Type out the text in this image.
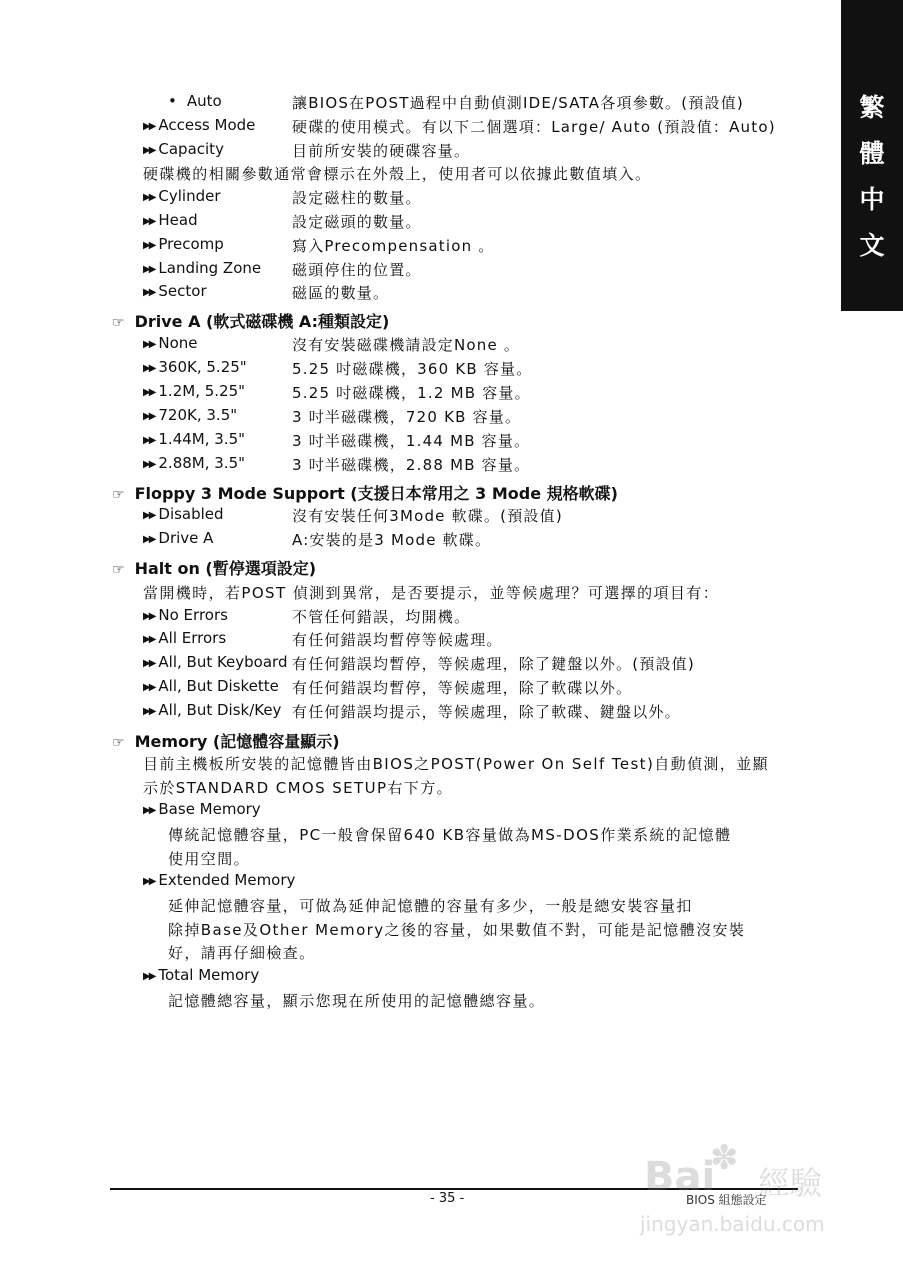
繁
體
中
文
• Auto	讓BIOS在POST過程中自動偵測IDE/SATA各項參數。(預設值)
▶▶ Access Mode 硬碟的使用模式。有以下二個選項：Large/ Auto (預設值：Auto)
▶▶ Capacity	目前所安裝的硬碟容量。
硬碟機的相關參數通常會標示在外殼上，使用者可以依據此數值填入。
▶▶ Cylinder	設定磁柱的數量。
▶▶ Head	設定磁頭的數量。
▶▶ Precomp	寫入Precompensation 。
▶▶ Landing Zone 磁頭停住的位置。
▶▶ Sector	磁區的數量。
☞ Drive A (軟式磁碟機 A:種類設定)
▶▶ None	沒有安裝磁碟機請設定None 。
▶▶ 360K, 5.25"	5.25 吋磁碟機，360 KB 容量。
▶▶ 1.2M, 5.25"	5.25 吋磁碟機，1.2 MB 容量。
▶▶ 720K, 3.5"	3 吋半磁碟機，720 KB 容量。
▶▶ 1.44M, 3.5"	3 吋半磁碟機，1.44 MB 容量。
▶▶ 2.88M, 3.5"	3 吋半磁碟機，2.88 MB 容量。
☞ Floppy 3 Mode Support (支援日本常用之 3 Mode 規格軟碟)
▶▶ Disabled	沒有安裝任何3Mode 軟碟。(預設值)
▶▶ Drive A	A:安裝的是3 Mode 軟碟。
☞ Halt on (暫停選項設定)
當開機時，若POST 偵測到異常，是否要提示，並等候處理？可選擇的項目有：
▶▶ No Errors	不管任何錯誤，均開機。
▶▶ All Errors	有任何錯誤均暫停等候處理。
▶▶ All, But Keyboard 有任何錯誤均暫停，等候處理，除了鍵盤以外。(預設值)
▶▶ All, But Diskette 有任何錯誤均暫停，等候處理，除了軟碟以外。
▶▶ All, But Disk/Key 有任何錯誤均提示，等候處理，除了軟碟、鍵盤以外。
☞ Memory (記憶體容量顯示)
目前主機板所安裝的記憶體皆由BIOS之POST(Power On Self Test)自動偵測，並顯
示於STANDARD CMOS SETUP右下方。
▶▶ Base Memory
傳統記憶體容量，PC一般會保留640 KB容量做為MS-DOS作業系統的記憶體
使用空間。
▶▶ Extended Memory
延伸記憶體容量，可做為延伸記憶體的容量有多少，一般是總安裝容量扣
除掉Base及Other Memory之後的容量，如果數值不對，可能是記憶體沒安裝
好，請再仔細檢查。
▶▶ Total Memory
記憶體總容量，顯示您現在所使用的記憶體總容量。
- 35 -	BIOS 組態設定
Bai
✽
經驗
jingyan.baidu.com
